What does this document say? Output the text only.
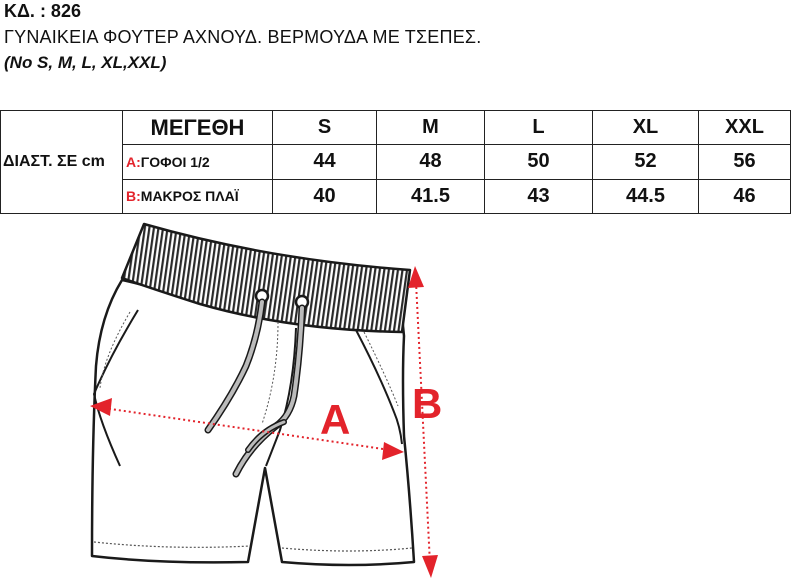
ΚΔ. : 826
ΓΥΝΑΙΚΕΙΑ ΦΟΥΤΕΡ ΑΧΝΟΥΔ. ΒΕΡΜΟΥΔΑ ΜΕ ΤΣΕΠΕΣ.
(No S, M, L, XL,XXL)
ΔΙΑΣΤ. ΣΕ cm	ΜΕΓΕΘΗ	S	M	L	XL	XXL
	A:ΓΟΦΟΙ 1/2	44	48	50	52	56
	B:ΜΑΚΡΟΣ ΠΛΑΪ	40	41.5	43	44.5	46
A B
